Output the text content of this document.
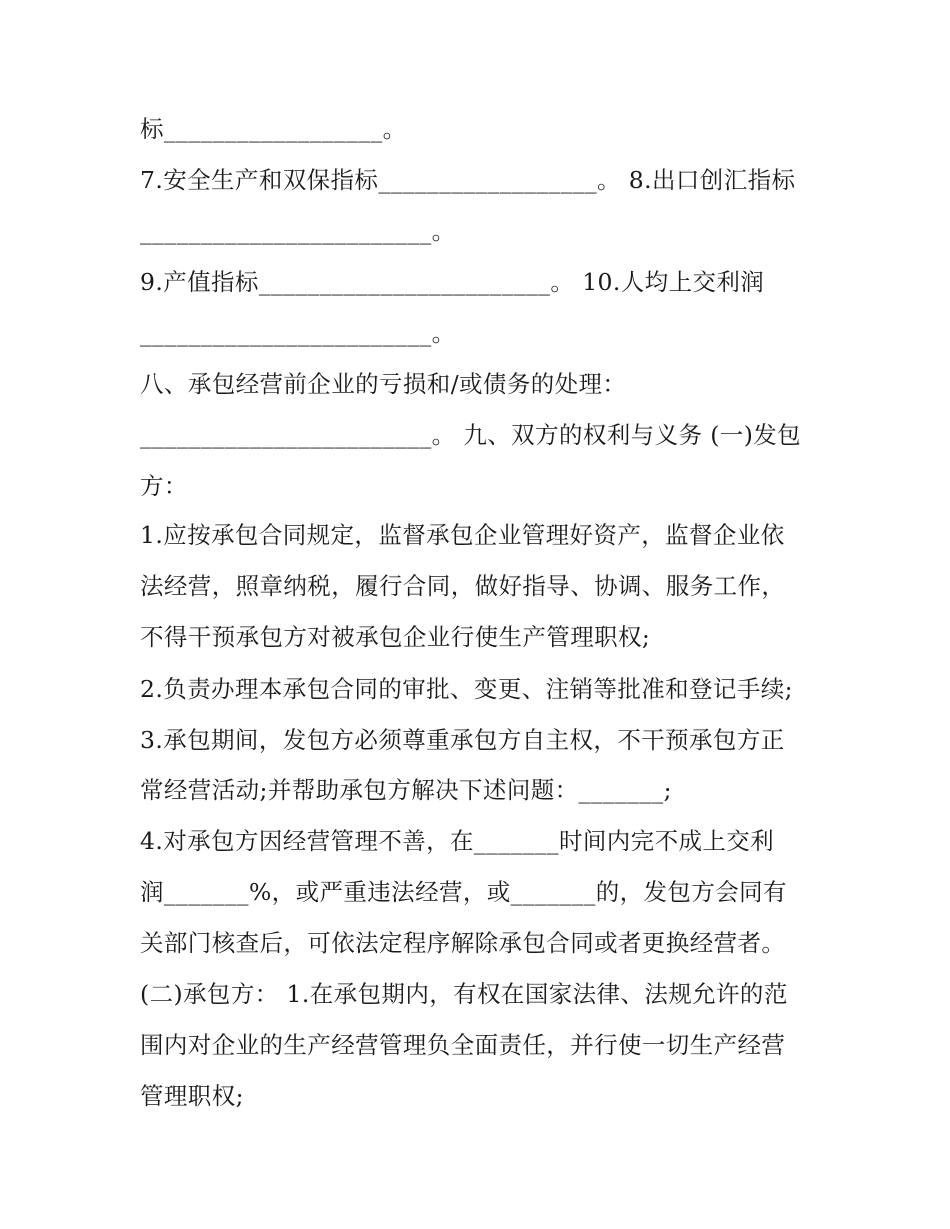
标__________________。
7.安全生产和双保指标__________________。 8.出口创汇指标
________________________。
9.产值指标________________________。 10.人均上交利润
________________________。
八、承包经营前企业的亏损和/或债务的处理：
________________________。 九、双方的权利与义务 (一)发包
方：
1.应按承包合同规定，监督承包企业管理好资产，监督企业依
法经营，照章纳税，履行合同，做好指导、协调、服务工作，
不得干预承包方对被承包企业行使生产管理职权;
2.负责办理本承包合同的审批、变更、注销等批准和登记手续;
3.承包期间，发包方必须尊重承包方自主权，不干预承包方正
常经营活动;并帮助承包方解决下述问题：_______;
4.对承包方因经营管理不善，在_______时间内完不成上交利
润_______%，或严重违法经营，或_______的，发包方会同有
关部门核查后，可依法定程序解除承包合同或者更换经营者。
(二)承包方： 1.在承包期内，有权在国家法律、法规允许的范
围内对企业的生产经营管理负全面责任，并行使一切生产经营
管理职权;
